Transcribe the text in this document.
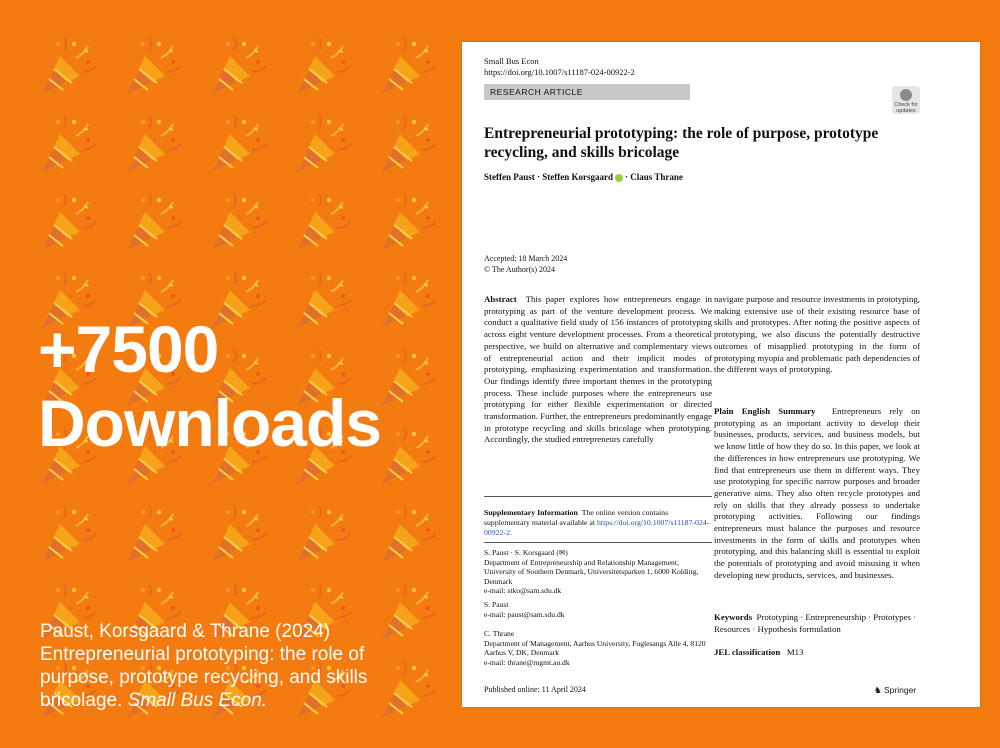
+7500
Downloads
Paust, Korsgaard & Thrane (2024) Entrepreneurial prototyping: the role of purpose, prototype recycling, and skills bricolage. Small Bus Econ.
Small Bus Econ
https://doi.org/10.1007/s11187-024-00922-2
RESEARCH ARTICLE
Check for updates
Entrepreneurial prototyping: the role of purpose, prototype recycling, and skills bricolage
Steffen Paust · Steffen Korsgaard · Claus Thrane
Accepted: 18 March 2024
© The Author(s) 2024
Abstract This paper explores how entrepreneurs engage in prototyping as part of the venture development process. We conduct a qualitative field study of 156 instances of prototyping across eight venture development processes. From a theoretical perspective, we build on alternative and complementary views of entrepreneurial action and their implicit modes of prototyping, emphasizing experimentation and transformation. Our findings identify three important themes in the prototyping process. These include purposes where the entrepreneurs use prototyping for either flexible experimentation or directed transformation. Further, the entrepreneurs predominantly engage in prototype recycling and skills bricolage when prototyping. Accordingly, the studied entrepreneurs carefully
navigate purpose and resource investments in prototyping, making extensive use of their existing resource base of skills and prototypes. After noting the positive aspects of prototyping, we also discuss the potentially destructive outcomes of misapplied prototyping in the form of prototyping myopia and problematic path dependencies of the different ways of prototyping.
Plain English Summary Entrepreneurs rely on prototyping as an important activity to develop their businesses, products, services, and business models, but we know little of how they do so. In this paper, we look at the differences in how entrepreneurs use prototyping. We find that entrepreneurs use them in different ways. They use prototyping for specific narrow purposes and broader generative aims. They also often recycle prototypes and rely on skills that they already possess to undertake prototyping activities. Following our findings entrepreneurs must balance the purposes and resource investments in the form of skills and prototypes when prototyping, and this balancing skill is essential to exploit the potentials of prototyping and avoid misusing it when developing new products, services, and businesses.
Supplementary Information The online version contains supplementary material available at https://doi.org/10.1007/s11187-024-00922-2.
S. Paust · S. Korsgaard (✉)
Department of Entrepreneurship and Relationship Management, University of Southern Denmark, Universitetsparken 1, 6000 Kolding, Denmark
e-mail: stko@sam.sdu.dk
S. Paust
e-mail: paust@sam.sdu.dk
C. Thrane
Department of Management, Aarhus University, Fuglesangs Alle 4, 8120 Aarhus V, DK, Denmark
e-mail: thrane@mgmt.au.dk
Keywords Prototyping · Entrepreneurship · Prototypes · Resources · Hypothesis formulation
JEL classification M13
Published online: 11 April 2024	♞ Springer
